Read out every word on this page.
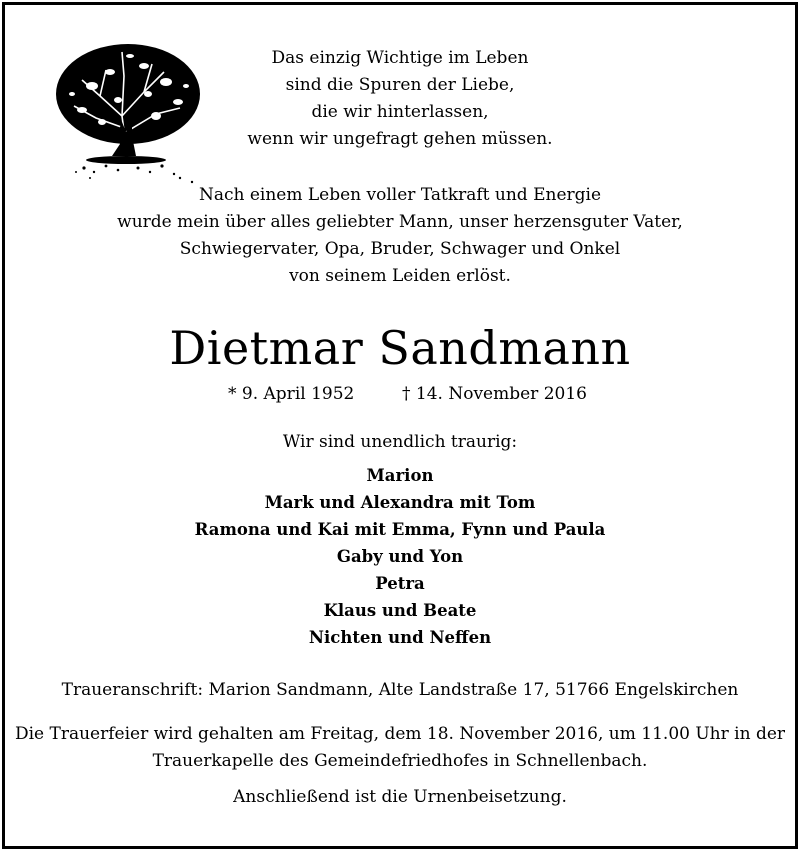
Das einzig Wichtige im Leben
sind die Spuren der Liebe,
die wir hinterlassen,
wenn wir ungefragt gehen müssen.
Nach einem Leben voller Tatkraft und Energie
wurde mein über alles geliebter Mann, unser herzensguter Vater,
Schwiegervater, Opa, Bruder, Schwager und Onkel
von seinem Leiden erlöst.
Dietmar Sandmann
* 9. April 1952	† 14. November 2016
Wir sind unendlich traurig:
Marion
Mark und Alexandra mit Tom
Ramona und Kai mit Emma, Fynn und Paula
Gaby und Yon
Petra
Klaus und Beate
Nichten und Neffen
Traueranschrift: Marion Sandmann, Alte Landstraße 17, 51766 Engelskirchen
Die Trauerfeier wird gehalten am Freitag, dem 18. November 2016, um 11.00 Uhr in der
Trauerkapelle des Gemeindefriedhofes in Schnellenbach.
Anschließend ist die Urnenbeisetzung.
